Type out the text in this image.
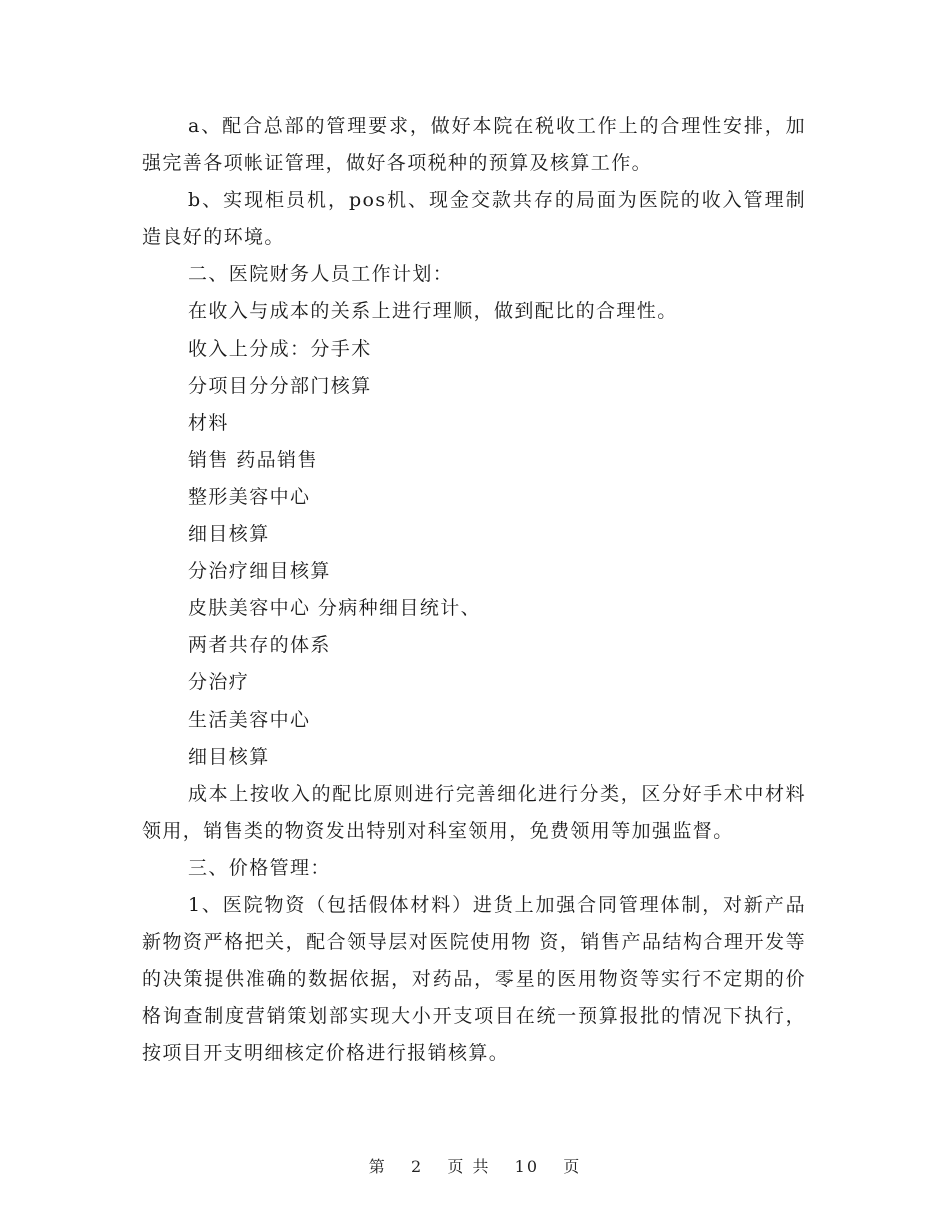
a、配合总部的管理要求，做好本院在税收工作上的合理性安排，加强完善各项帐证管理，做好各项税种的预算及核算工作。

b、实现柜员机，pos机、现金交款共存的局面为医院的收入管理制造良好的环境。

二、医院财务人员工作计划：

在收入与成本的关系上进行理顺，做到配比的合理性。

收入上分成：分手术

分项目分分部门核算

材料

销售 药品销售

整形美容中心

细目核算

分治疗细目核算

皮肤美容中心 分病种细目统计、

两者共存的体系

分治疗

生活美容中心

细目核算

成本上按收入的配比原则进行完善细化进行分类，区分好手术中材料领用，销售类的物资发出特别对科室领用，免费领用等加强监督。

三、价格管理：

1、医院物资（包括假体材料）进货上加强合同管理体制，对新产品新物资严格把关，配合领导层对医院使用物 资，销售产品结构合理开发等的决策提供准确的数据依据，对药品，零星的医用物资等实行不定期的价格询查制度营销策划部实现大小开支项目在统一预算报批的情况下执行，按项目开支明细核定价格进行报销核算。

第 2 页 共 10 页
